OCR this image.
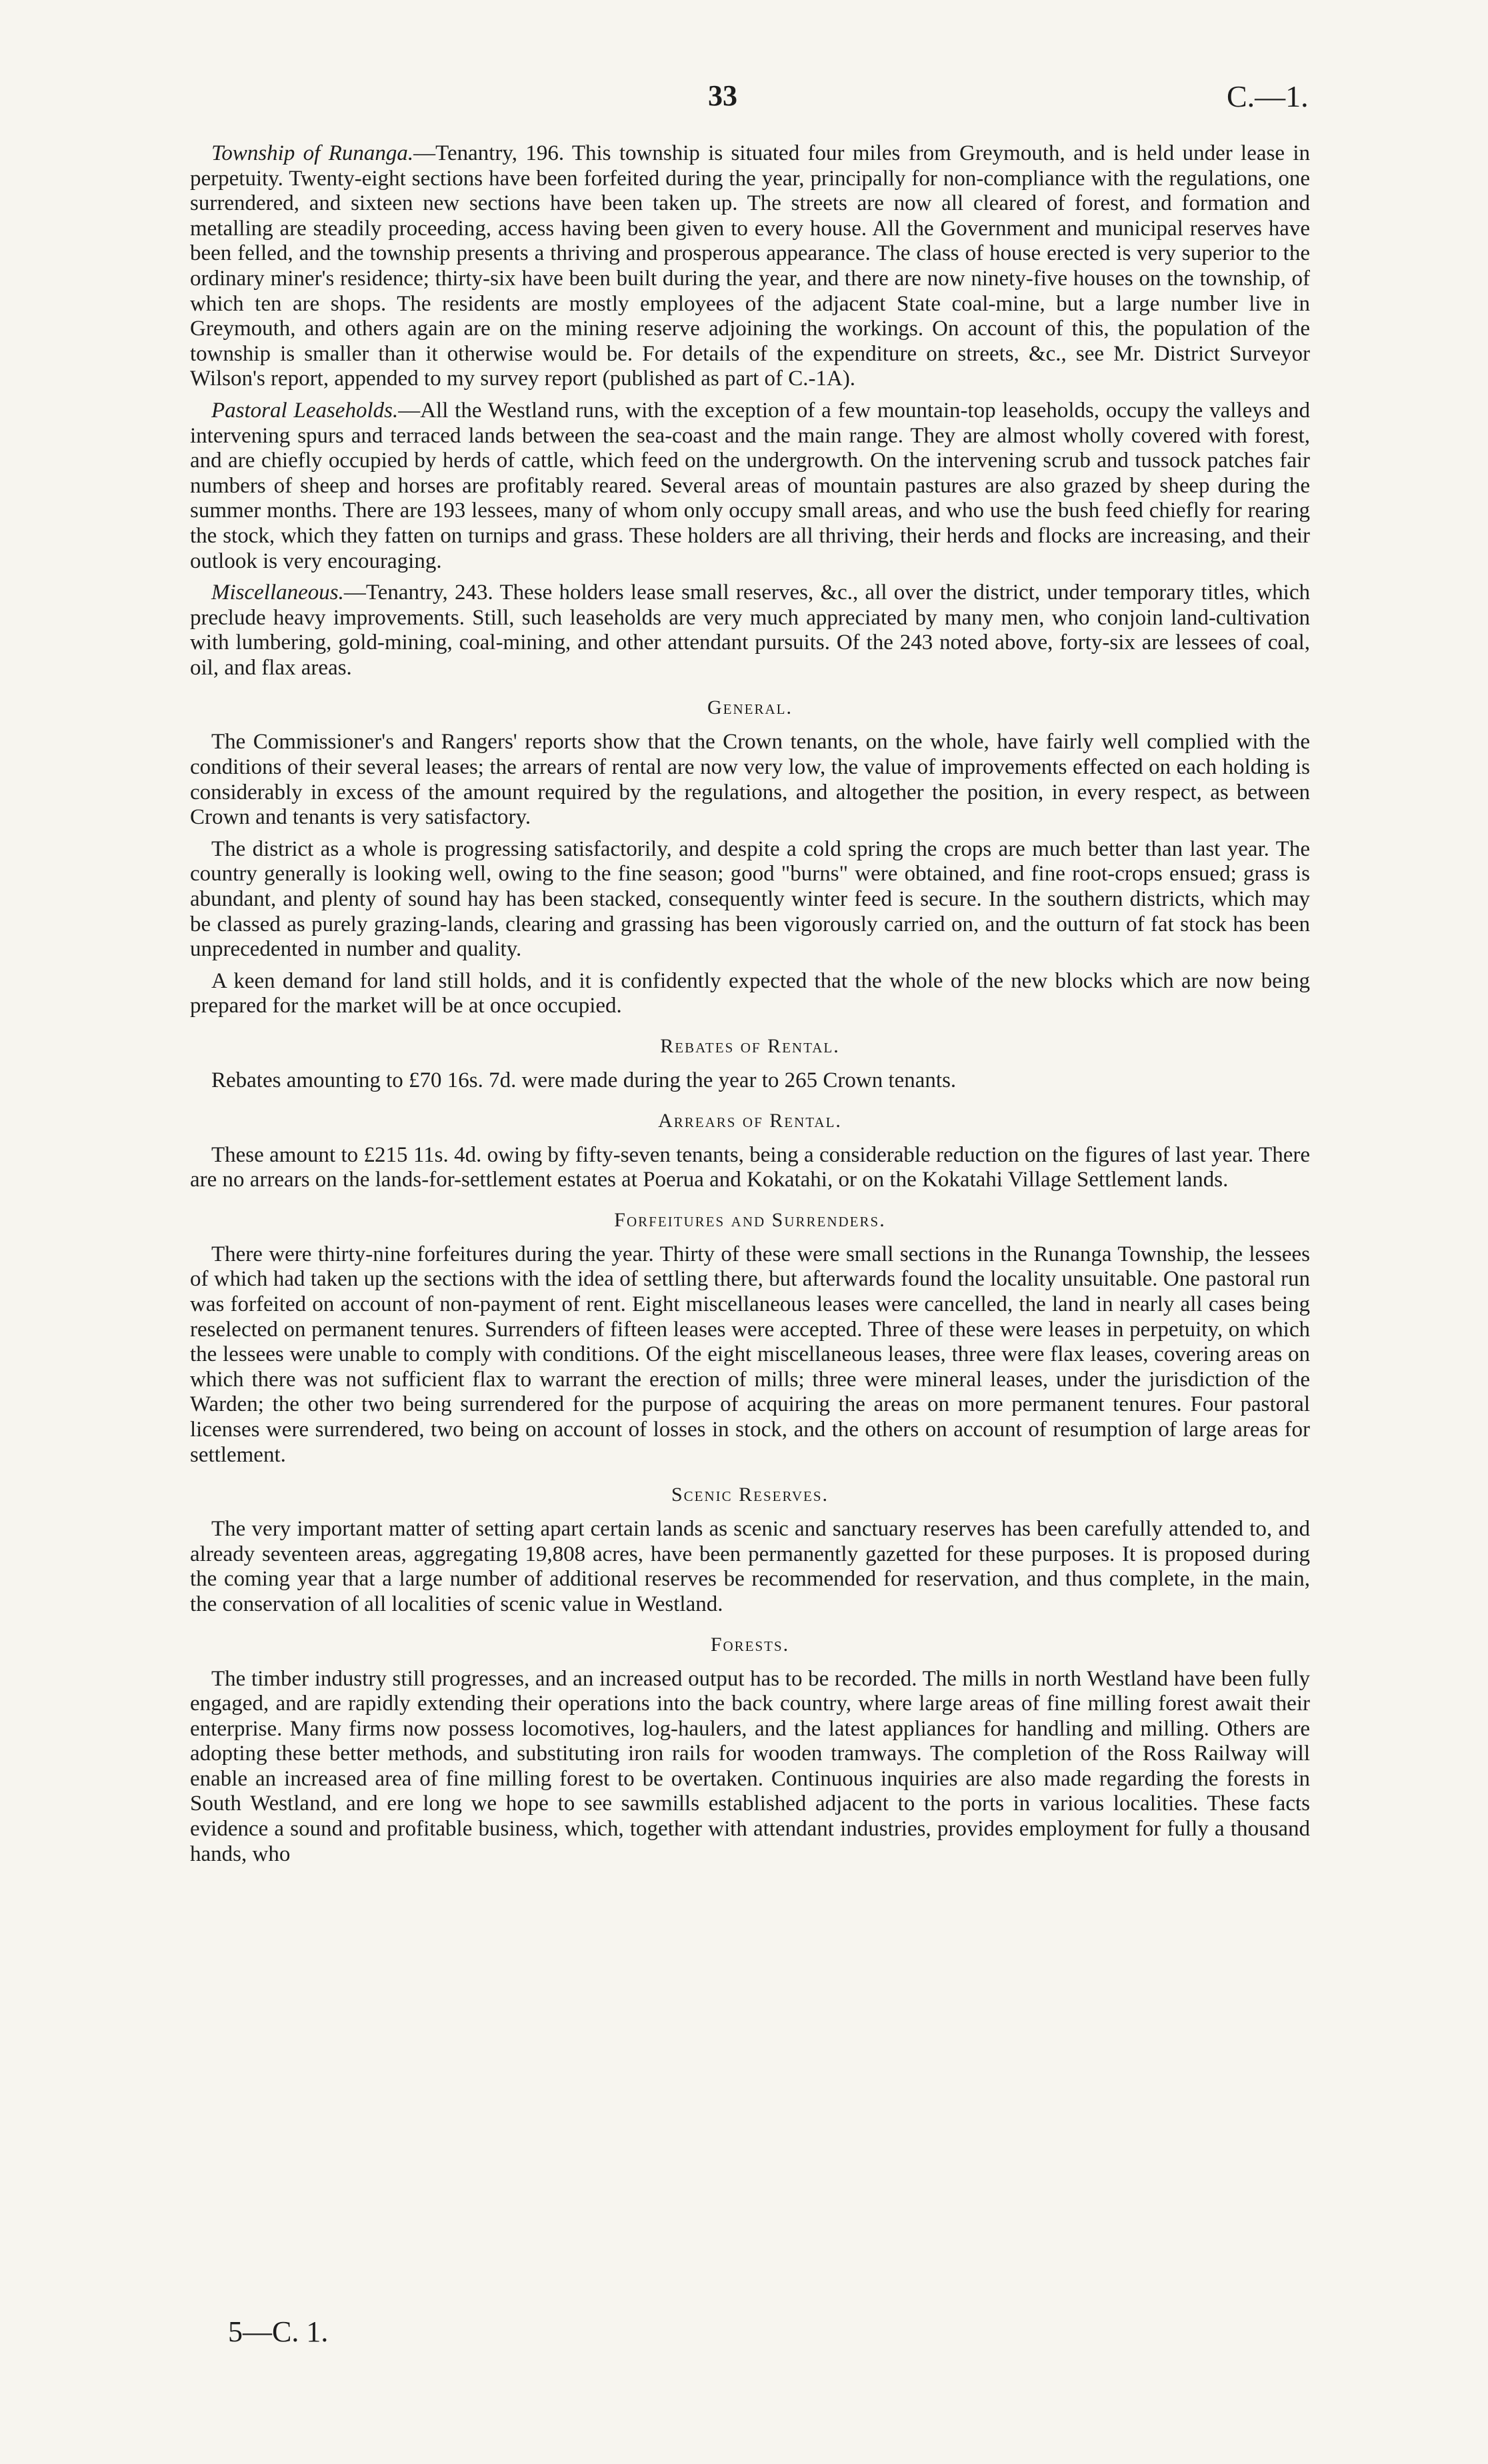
33	C.—1.

Township of Runanga.—Tenantry, 196. This township is situated four miles from Greymouth, and is held under lease in perpetuity. Twenty-eight sections have been forfeited during the year, principally for non-compliance with the regulations, one surrendered, and sixteen new sections have been taken up. The streets are now all cleared of forest, and formation and metalling are steadily proceeding, access having been given to every house. All the Government and municipal reserves have been felled, and the township presents a thriving and prosperous appearance. The class of house erected is very superior to the ordinary miner's residence; thirty-six have been built during the year, and there are now ninety-five houses on the township, of which ten are shops. The residents are mostly employees of the adjacent State coal-mine, but a large number live in Greymouth, and others again are on the mining reserve adjoining the workings. On account of this, the population of the township is smaller than it otherwise would be. For details of the expenditure on streets, &c., see Mr. District Surveyor Wilson's report, appended to my survey report (published as part of C.-1A).

Pastoral Leaseholds.—All the Westland runs, with the exception of a few mountain-top leaseholds, occupy the valleys and intervening spurs and terraced lands between the sea-coast and the main range. They are almost wholly covered with forest, and are chiefly occupied by herds of cattle, which feed on the undergrowth. On the intervening scrub and tussock patches fair numbers of sheep and horses are profitably reared. Several areas of mountain pastures are also grazed by sheep during the summer months. There are 193 lessees, many of whom only occupy small areas, and who use the bush feed chiefly for rearing the stock, which they fatten on turnips and grass. These holders are all thriving, their herds and flocks are increasing, and their outlook is very encouraging.

Miscellaneous.—Tenantry, 243. These holders lease small reserves, &c., all over the district, under temporary titles, which preclude heavy improvements. Still, such leaseholds are very much appreciated by many men, who conjoin land-cultivation with lumbering, gold-mining, coal-mining, and other attendant pursuits. Of the 243 noted above, forty-six are lessees of coal, oil, and flax areas.

General.

The Commissioner's and Rangers' reports show that the Crown tenants, on the whole, have fairly well complied with the conditions of their several leases; the arrears of rental are now very low, the value of improvements effected on each holding is considerably in excess of the amount required by the regulations, and altogether the position, in every respect, as between Crown and tenants is very satisfactory.

The district as a whole is progressing satisfactorily, and despite a cold spring the crops are much better than last year. The country generally is looking well, owing to the fine season; good "burns" were obtained, and fine root-crops ensued; grass is abundant, and plenty of sound hay has been stacked, consequently winter feed is secure. In the southern districts, which may be classed as purely grazing-lands, clearing and grassing has been vigorously carried on, and the outturn of fat stock has been unprecedented in number and quality.

A keen demand for land still holds, and it is confidently expected that the whole of the new blocks which are now being prepared for the market will be at once occupied.

Rebates of Rental.

Rebates amounting to £70 16s. 7d. were made during the year to 265 Crown tenants.

Arrears of Rental.

These amount to £215 11s. 4d. owing by fifty-seven tenants, being a considerable reduction on the figures of last year. There are no arrears on the lands-for-settlement estates at Poerua and Kokatahi, or on the Kokatahi Village Settlement lands.

Forfeitures and Surrenders.

There were thirty-nine forfeitures during the year. Thirty of these were small sections in the Runanga Township, the lessees of which had taken up the sections with the idea of settling there, but afterwards found the locality unsuitable. One pastoral run was forfeited on account of non-payment of rent. Eight miscellaneous leases were cancelled, the land in nearly all cases being reselected on permanent tenures. Surrenders of fifteen leases were accepted. Three of these were leases in perpetuity, on which the lessees were unable to comply with conditions. Of the eight miscellaneous leases, three were flax leases, covering areas on which there was not sufficient flax to warrant the erection of mills; three were mineral leases, under the jurisdiction of the Warden; the other two being surrendered for the purpose of acquiring the areas on more permanent tenures. Four pastoral licenses were surrendered, two being on account of losses in stock, and the others on account of resumption of large areas for settlement.

Scenic Reserves.

The very important matter of setting apart certain lands as scenic and sanctuary reserves has been carefully attended to, and already seventeen areas, aggregating 19,808 acres, have been permanently gazetted for these purposes. It is proposed during the coming year that a large number of additional reserves be recommended for reservation, and thus complete, in the main, the conservation of all localities of scenic value in Westland.

Forests.

The timber industry still progresses, and an increased output has to be recorded. The mills in north Westland have been fully engaged, and are rapidly extending their operations into the back country, where large areas of fine milling forest await their enterprise. Many firms now possess locomotives, log-haulers, and the latest appliances for handling and milling. Others are adopting these better methods, and substituting iron rails for wooden tramways. The completion of the Ross Railway will enable an increased area of fine milling forest to be overtaken. Continuous inquiries are also made regarding the forests in South Westland, and ere long we hope to see sawmills established adjacent to the ports in various localities. These facts evidence a sound and profitable business, which, together with attendant industries, provides employment for fully a thousand hands, who

5—C. 1.
